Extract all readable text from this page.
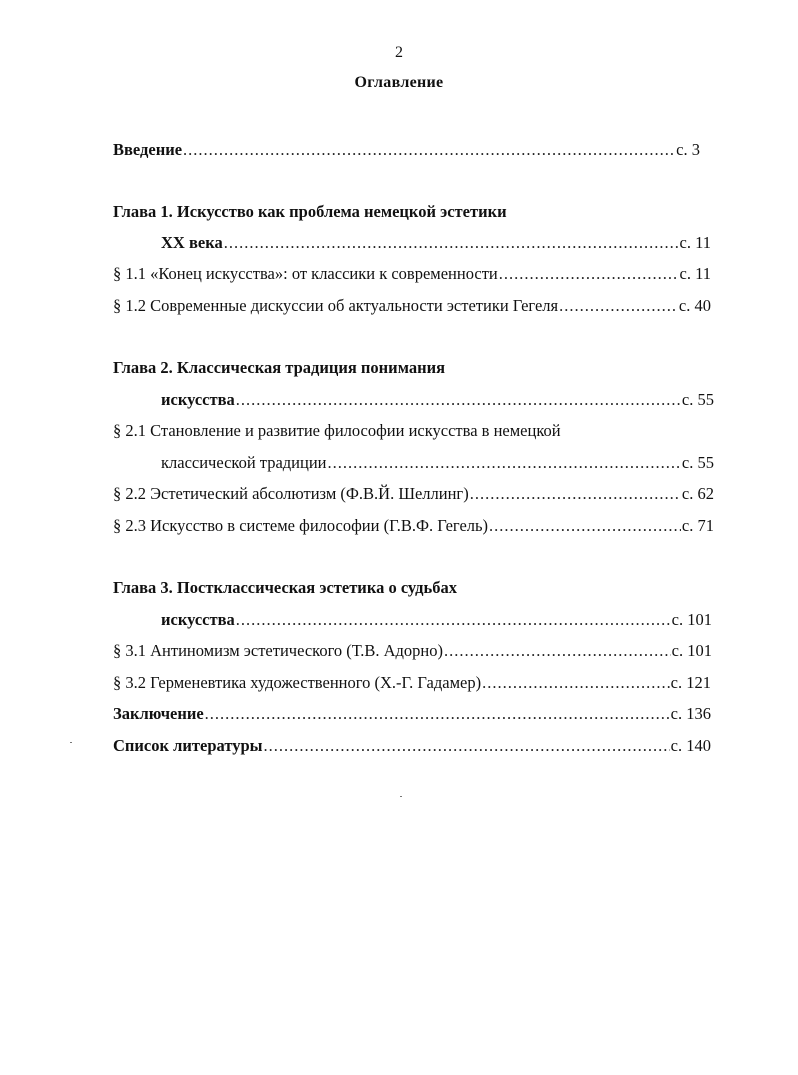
2
Оглавление
Введение .....	с. 3
Глава 1. Искусство как проблема немецкой эстетики
XX века .....	с. 11
§ 1.1 «Конец искусства»: от классики к современности .....	с. 11
§ 1.2 Современные дискуссии об актуальности эстетики Гегеля .....	с. 40
Глава 2. Классическая традиция понимания
искусства .....	с. 55
§ 2.1 Становление и развитие философии искусства в немецкой
классической традиции .....	с. 55
§ 2.2 Эстетический абсолютизм (Ф.В.Й. Шеллинг) .....	с. 62
§ 2.3 Искусство в системе философии (Г.В.Ф. Гегель) .....	с. 71
Глава 3. Постклассическая эстетика о судьбах
искусства .....	с. 101
§ 3.1 Антиномизм эстетического (Т.В. Адорно) .....	с. 101
§ 3.2 Герменевтика художественного (Х.-Г. Гадамер) .....	с. 121
Заключение .....	с. 136
Список литературы .....	с. 140
